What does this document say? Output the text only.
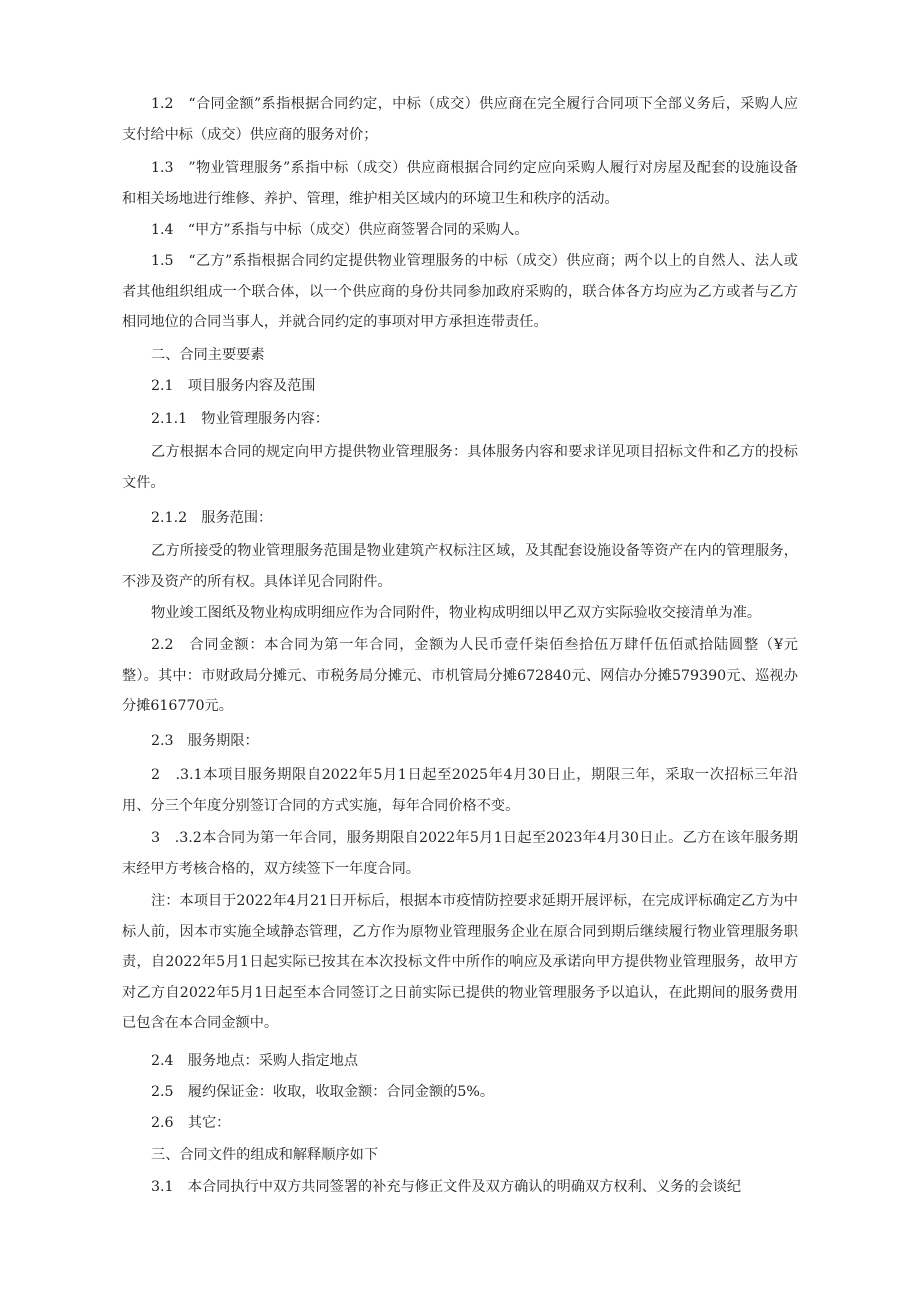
1.2　“合同金额”系指根据合同约定，中标（成交）供应商在完全履行合同项下全部义务后，采购人应支付给中标（成交）供应商的服务对价；

1.3　”物业管理服务”系指中标（成交）供应商根据合同约定应向采购人履行对房屋及配套的设施设备和相关场地进行维修、养护、管理，维护相关区域内的环境卫生和秩序的活动。

1.4　“甲方”系指与中标（成交）供应商签署合同的采购人。

1.5　“乙方”系指根据合同约定提供物业管理服务的中标（成交）供应商；两个以上的自然人、法人或者其他组织组成一个联合体，以一个供应商的身份共同参加政府采购的，联合体各方均应为乙方或者与乙方相同地位的合同当事人，并就合同约定的事项对甲方承担连带责任。

二、合同主要要素

2.1　项目服务内容及范围

2.1.1　物业管理服务内容：

乙方根据本合同的规定向甲方提供物业管理服务：具体服务内容和要求详见项目招标文件和乙方的投标文件。

2.1.2　服务范围：

乙方所接受的物业管理服务范围是物业建筑产权标注区域，及其配套设施设备等资产在内的管理服务，不涉及资产的所有权。具体详见合同附件。

物业竣工图纸及物业构成明细应作为合同附件，物业构成明细以甲乙双方实际验收交接清单为准。

2.2　合同金额：本合同为第一年合同，金额为人民币壹仟柒佰叁拾伍万肆仟伍佰贰拾陆圆整（¥元整）。其中：市财政局分摊元、市税务局分摊元、市机管局分摊672840元、网信办分摊579390元、巡视办分摊616770元。

2.3　服务期限：

2　.3.1本项目服务期限自2022年5月1日起至2025年4月30日止，期限三年，采取一次招标三年沿用、分三个年度分别签订合同的方式实施，每年合同价格不变。

3　.3.2本合同为第一年合同，服务期限自2022年5月1日起至2023年4月30日止。乙方在该年服务期末经甲方考核合格的，双方续签下一年度合同。

注：本项目于2022年4月21日开标后，根据本市疫情防控要求延期开展评标，在完成评标确定乙方为中标人前，因本市实施全域静态管理，乙方作为原物业管理服务企业在原合同到期后继续履行物业管理服务职责，自2022年5月1日起实际已按其在本次投标文件中所作的响应及承诺向甲方提供物业管理服务，故甲方对乙方自2022年5月1日起至本合同签订之日前实际已提供的物业管理服务予以追认，在此期间的服务费用已包含在本合同金额中。

2.4　服务地点：采购人指定地点

2.5　履约保证金：收取，收取金额：合同金额的5%。

2.6　其它：

三、合同文件的组成和解释顺序如下

3.1　本合同执行中双方共同签署的补充与修正文件及双方确认的明确双方权利、义务的会谈纪
